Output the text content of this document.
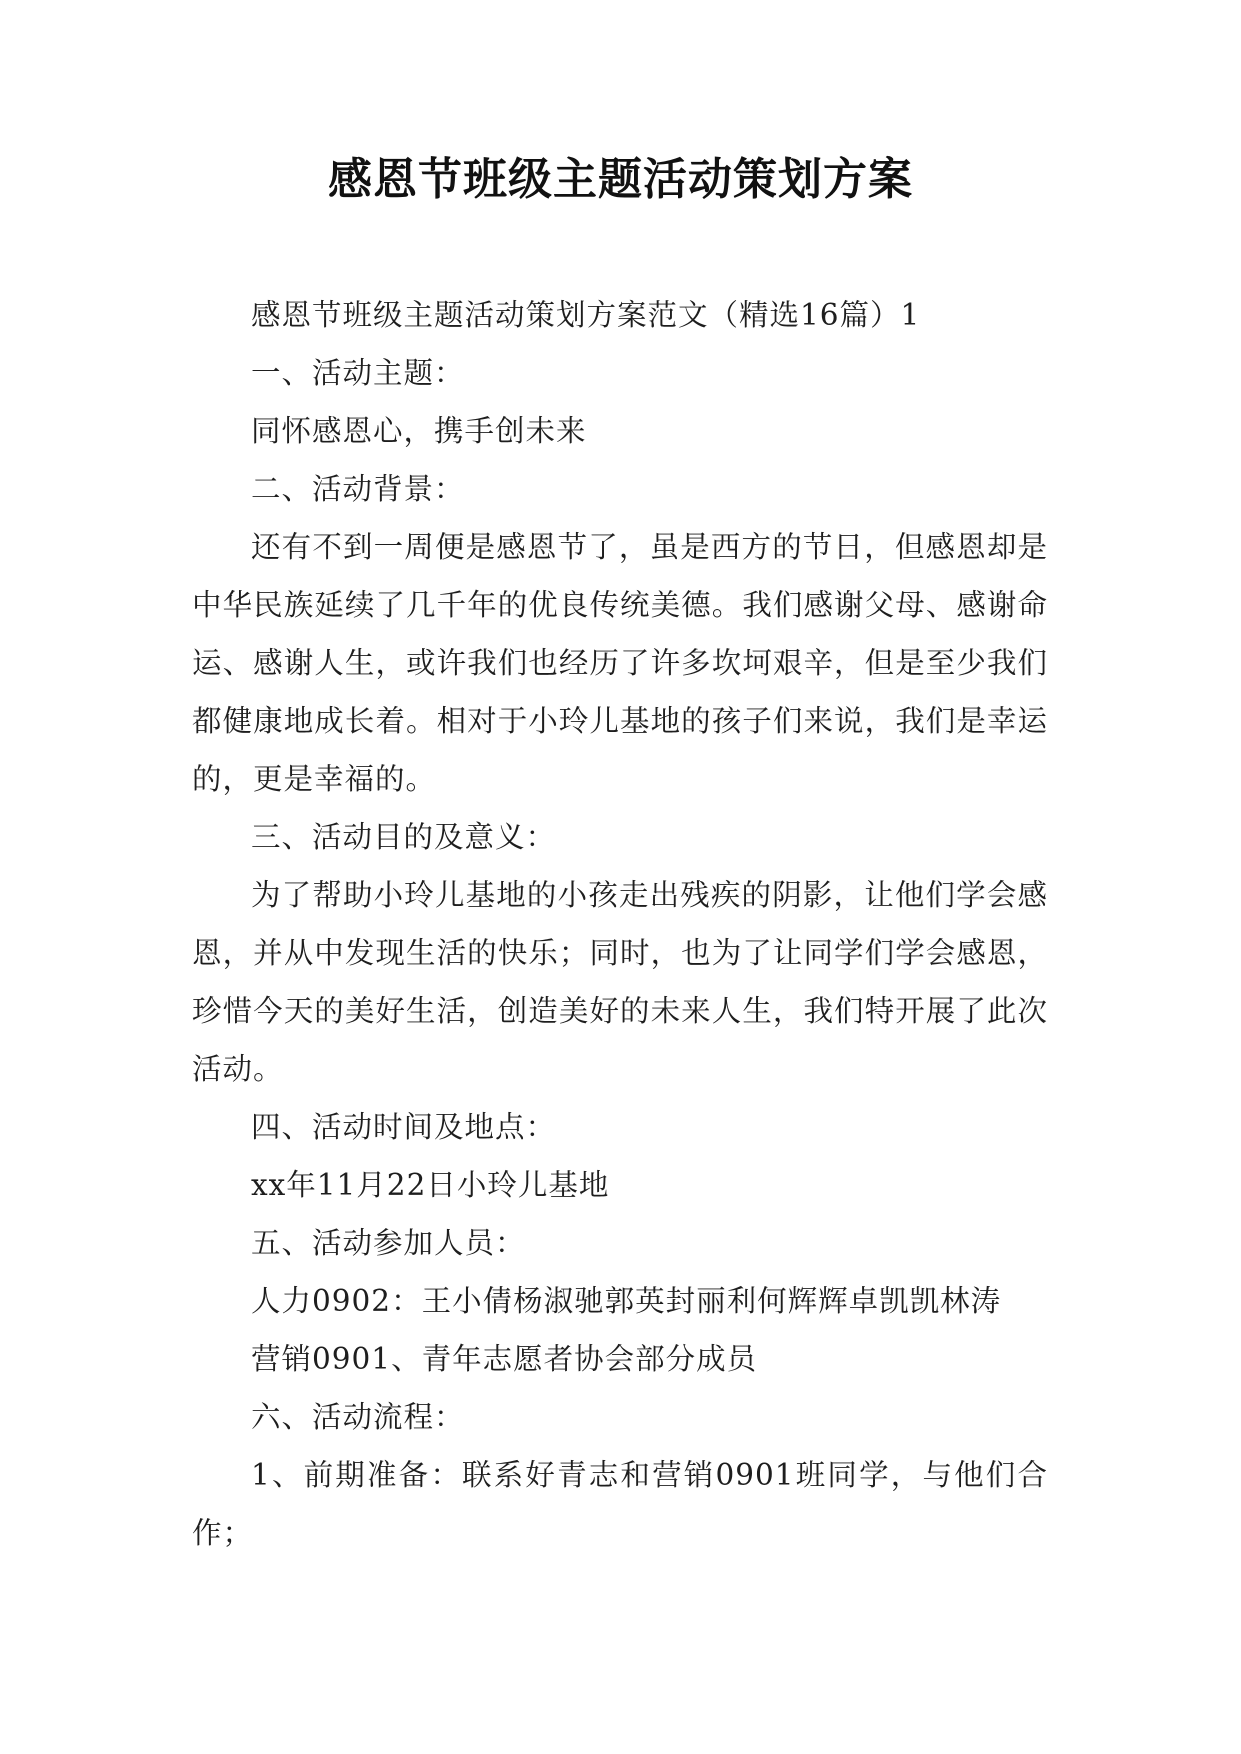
感恩节班级主题活动策划方案

感恩节班级主题活动策划方案范文（精选16篇）1

一、活动主题：

同怀感恩心，携手创未来

二、活动背景：

还有不到一周便是感恩节了，虽是西方的节日，但感恩却是中华民族延续了几千年的优良传统美德。我们感谢父母、感谢命运、感谢人生，或许我们也经历了许多坎坷艰辛，但是至少我们都健康地成长着。相对于小玲儿基地的孩子们来说，我们是幸运的，更是幸福的。

三、活动目的及意义：

为了帮助小玲儿基地的小孩走出残疾的阴影，让他们学会感恩，并从中发现生活的快乐；同时，也为了让同学们学会感恩，珍惜今天的美好生活，创造美好的未来人生，我们特开展了此次活动。

四、活动时间及地点：

xx年11月22日小玲儿基地

五、活动参加人员：

人力0902：王小倩杨淑驰郭英封丽利何辉辉卓凯凯林涛

营销0901、青年志愿者协会部分成员

六、活动流程：

1、前期准备：联系好青志和营销0901班同学，与他们合作；
